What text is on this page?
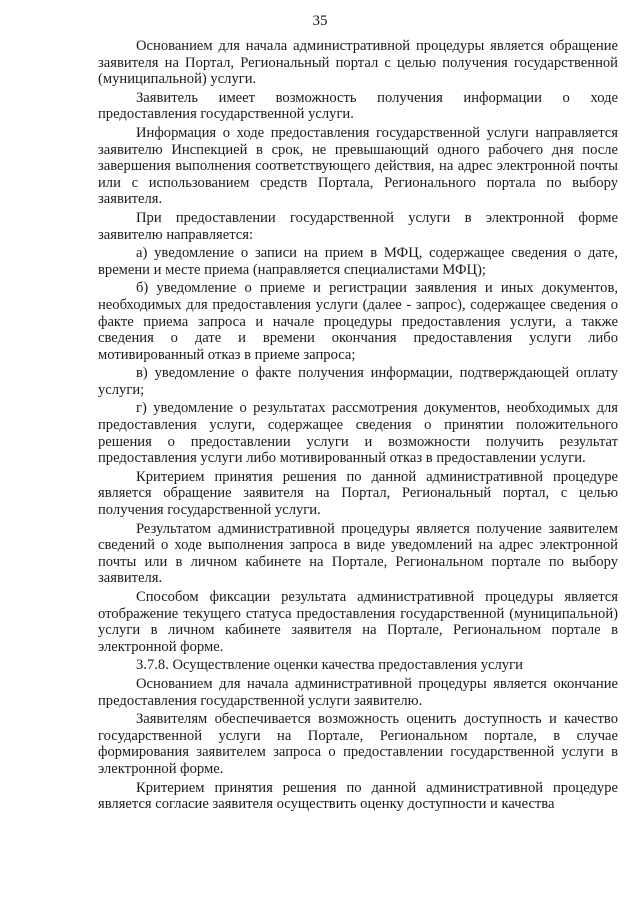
35

Основанием для начала административной процедуры является обращение заявителя на Портал, Региональный портал с целью получения государственной (муниципальной) услуги.

Заявитель имеет возможность получения информации о ходе предоставления государственной услуги.

Информация о ходе предоставления государственной услуги направляется заявителю Инспекцией в срок, не превышающий одного рабочего дня после завершения выполнения соответствующего действия, на адрес электронной почты или с использованием средств Портала, Регионального портала по выбору заявителя.

При предоставлении государственной услуги в электронной форме заявителю направляется:

а) уведомление о записи на прием в МФЦ, содержащее сведения о дате, времени и месте приема (направляется специалистами МФЦ);

б) уведомление о приеме и регистрации заявления и иных документов, необходимых для предоставления услуги (далее - запрос), содержащее сведения о факте приема запроса и начале процедуры предоставления услуги, а также сведения о дате и времени окончания предоставления услуги либо мотивированный отказ в приеме запроса;

в) уведомление о факте получения информации, подтверждающей оплату услуги;

г) уведомление о результатах рассмотрения документов, необходимых для предоставления услуги, содержащее сведения о принятии положительного решения о предоставлении услуги и возможности получить результат предоставления услуги либо мотивированный отказ в предоставлении услуги.

Критерием принятия решения по данной административной процедуре является обращение заявителя на Портал, Региональный портал, с целью получения государственной услуги.

Результатом административной процедуры является получение заявителем сведений о ходе выполнения запроса в виде уведомлений на адрес электронной почты или в личном кабинете на Портале, Региональном портале по выбору заявителя.

Способом фиксации результата административной процедуры является отображение текущего статуса предоставления государственной (муниципальной) услуги в личном кабинете заявителя на Портале, Региональном портале в электронной форме.

3.7.8. Осуществление оценки качества предоставления услуги

Основанием для начала административной процедуры является окончание предоставления государственной услуги заявителю.

Заявителям обеспечивается возможность оценить доступность и качество государственной услуги на Портале, Региональном портале, в случае формирования заявителем запроса о предоставлении государственной услуги в электронной форме.

Критерием принятия решения по данной административной процедуре является согласие заявителя осуществить оценку доступности и качества
